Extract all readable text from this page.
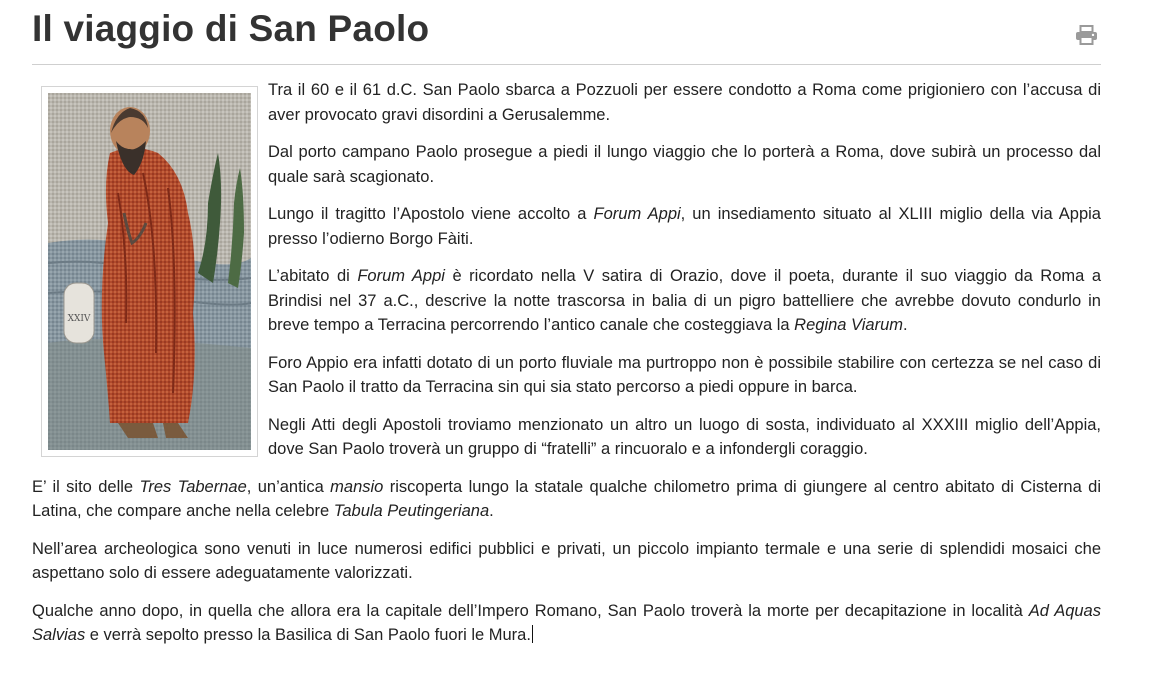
Il viaggio di San Paolo
XXIV

Tra il 60 e il 61 d.C. San Paolo sbarca a Pozzuoli per essere condotto a Roma come prigioniero con l’accusa di aver provocato gravi disordini a Gerusalemme.

Dal porto campano Paolo prosegue a piedi il lungo viaggio che lo porterà a Roma, dove subirà un processo dal quale sarà scagionato.

Lungo il tragitto l’Apostolo viene accolto a Forum Appi, un insediamento situato al XLIII miglio della via Appia presso l’odierno Borgo Fàiti.

L’abitato di Forum Appi è ricordato nella V satira di Orazio, dove il poeta, durante il suo viaggio da Roma a Brindisi nel 37 a.C., descrive la notte trascorsa in balia di un pigro battelliere che avrebbe dovuto condurlo in breve tempo a Terracina percorrendo l’antico canale che costeggiava la Regina Viarum.

Foro Appio era infatti dotato di un porto fluviale ma purtroppo non è possibile stabilire con certezza se nel caso di San Paolo il tratto da Terracina sin qui sia stato percorso a piedi oppure in barca.

Negli Atti degli Apostoli troviamo menzionato un altro un luogo di sosta, individuato al XXXIII miglio dell’Appia, dove San Paolo troverà un gruppo di “fratelli” a rincuoralo e a infondergli coraggio.

E’ il sito delle Tres Tabernae, un’antica mansio riscoperta lungo la statale qualche chilometro prima di giungere al centro abitato di Cisterna di Latina, che compare anche nella celebre Tabula Peutingeriana.

Nell’area archeologica sono venuti in luce numerosi edifici pubblici e privati, un piccolo impianto termale e una serie di splendidi mosaici che aspettano solo di essere adeguatamente valorizzati.

Qualche anno dopo, in quella che allora era la capitale dell’Impero Romano, San Paolo troverà la morte per decapitazione in località Ad Aquas Salvias e verrà sepolto presso la Basilica di San Paolo fuori le Mura.
